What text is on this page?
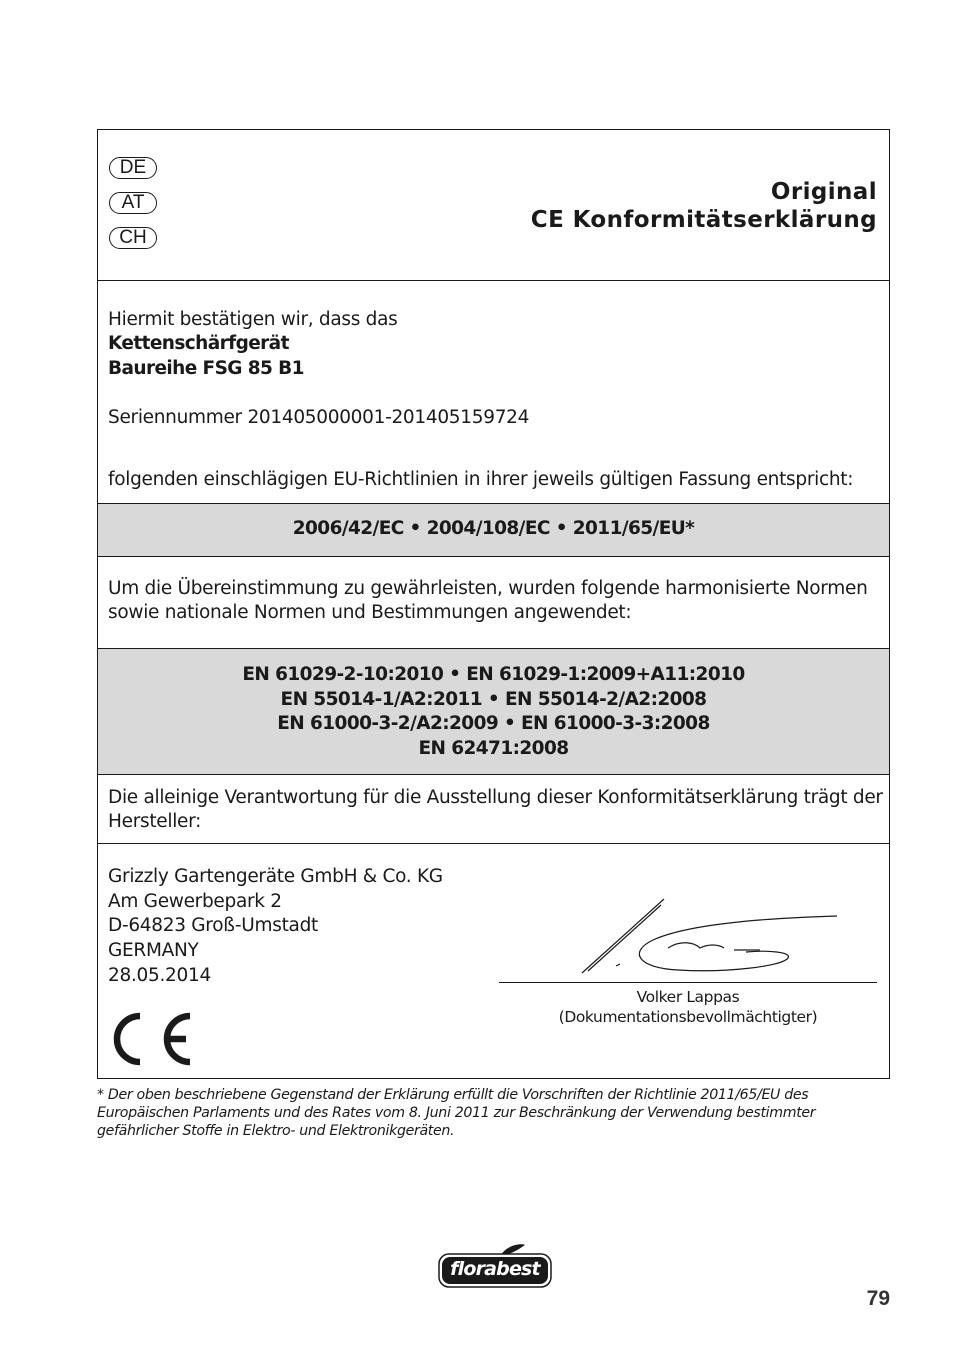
DE
AT
CH
Original
CE Konformitätserklärung
Hiermit bestätigen wir, dass das
Kettenschärfgerät
Baureihe FSG 85 B1
Seriennummer 201405000001-201405159724
folgenden einschlägigen EU-Richtlinien in ihrer jeweils gültigen Fassung entspricht:
2006/42/EC • 2004/108/EC • 2011/65/EU*
Um die Übereinstimmung zu gewährleisten, wurden folgende harmonisierte Normen
sowie nationale Normen und Bestimmungen angewendet:
EN 61029-2-10:2010 • EN 61029-1:2009+A11:2010
EN 55014-1/A2:2011 • EN 55014-2/A2:2008
EN 61000-3-2/A2:2009 • EN 61000-3-3:2008
EN 62471:2008
Die alleinige Verantwortung für die Ausstellung dieser Konformitätserklärung trägt der
Hersteller:
Grizzly Gartengeräte GmbH & Co. KG
Am Gewerbepark 2
D-64823 Groß-Umstadt
GERMANY
28.05.2014
Volker Lappas
(Dokumentationsbevollmächtigter)
* Der oben beschriebene Gegenstand der Erklärung erfüllt die Vorschriften der Richtlinie 2011/65/EU des
Europäischen Parlaments und des Rates vom 8. Juni 2011 zur Beschränkung der Verwendung bestimmter
gefährlicher Stoffe in Elektro- und Elektronikgeräten.
florabest
79
